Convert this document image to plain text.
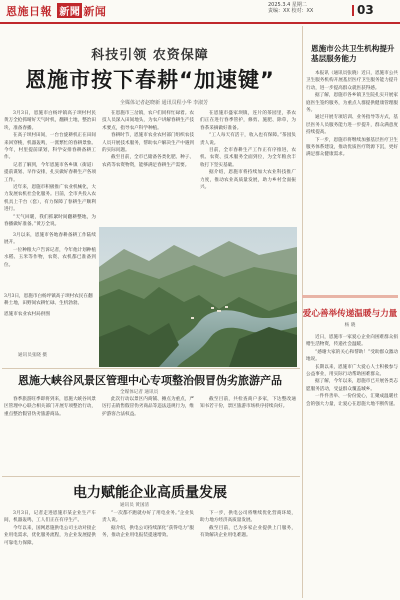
恩施日報 新聞 新闻	2025.3.4 星期二
责编：XX 校对：XX	03
科技引领 农资保障
恩施市按下春耕“加速键”
全媒体记者赵晓新 通讯员程小华 李淑芳

3月3日，恩施市白杨坪镇高子坝村村民黄万全抢抓晴好天气时机，翻耕土地，整治田块，准备春播。

在高子坝村田间，一台台旋耕机正在田间来回穿梭，机器轰鸣，一派繁忙的春耕景象。今年，村里提前谋划，科学安排春耕备耕工作。

记者了解到，今年恩施市各乡镇（街道）提前谋划、早作安排，扎实做好春耕生产各项工作。

近年来，恩施市积极推广农业机械化，大力发展农机社会化服务。目前，全市共投入农机具上千台（套），有力保障了春耕生产顺利进行。

“天气回暖，我们抓紧时间翻耕整地，为春播做好准备。”黄万全说。

在恩施市三岔镇，农户们同样忙碌着。农技人员深入田间地头，为农户讲解春耕生产技术要点，指导农户科学种植。

春耕时节，恩施市农业农村部门组织农技人员开展技术服务，帮助农户解决生产中遇到的实际问题。

截至目前，全市已储备各类化肥、种子、农药等农资物资，能够满足春耕生产需要。

在恩施市盛家坝镇，连片的茶园里，茶农们正在进行春季管护，修剪、施肥、除草，为春茶采摘做好准备。

“工人每天有活干，收入也有保障。”茶园负责人说。

目前，全市春耕生产工作正有序推进，农机、农资、技术服务全面到位，为全年粮食丰收打下坚实基础。

据介绍，恩施市将持续加大农业科技推广力度，推动农业高质量发展，助力乡村全面振兴。

3月以来，恩施市各地春耕备耕工作陆续展开。

一位种粮大户告诉记者，今年他计划种植水稻、玉米等作物，农资、农机都已准备到位。

3月3日，恩施市白杨坪镇高子坝村农民在翻耕土地，田野间农耕忙碌、生机勃勃。
恩施市农业农村局供图
通讯员张晓 摄

恩施大峡谷风景区管理中心专项整治假冒伪劣旅游产品
全媒体记者 通讯员

春季旅游旺季即将到来，恩施大峡谷风景区管理中心联合相关部门开展专项整治行动，重点整治假冒伪劣旅游商品。

此次行动以景区内商铺、摊点为重点，严厉打击销售假冒伪劣商品等违法违规行为，维护游客合法权益。

截至目前，共检查商户多家，下达整改通知书若干份，景区旅游市场秩序持续向好。

电力赋能企业高质量发展
通讯员 黄国清

3月3日，记者走进恩施市某企业生产车间，机器轰鸣，工人们正在有序生产。

今年以来，国网恩施供电公司主动对接企业用电需求，优化服务流程，为企业发展提供可靠电力保障。

“一次都不跑就办好了用电业务。”企业负责人说。

据介绍，供电公司持续深化“获得电力”服务，推动企业用电报装提速增效。

下一步，供电公司将继续优化营商环境，助力地方经济高质量发展。

截至目前，已为多家企业提供上门服务，有效解决企业用电难题。

恩施市公共卫生机构提升基层服务能力

本报讯（通讯员张晓）近日，恩施市公共卫生服务机构开展基层医疗卫生服务能力提升行动，进一步提高群众就医获得感。

据了解，恩施市各乡镇卫生院扎实开展家庭医生签约服务，为重点人群提供健康管理服务。

通过开展专项培训、业务指导等方式，基层医务人员服务能力进一步提升，群众满意度持续提高。

下一步，恩施市将继续加强基层医疗卫生服务体系建设，推动优质医疗资源下沉，更好满足群众健康需求。

爱心善举传递温暖与力量
杨 晓

近日，恩施市一家爱心企业向困难群众捐赠生活物资，传递社会温暖。

“感谢大家的关心和帮助！”受助群众激动地说。

长期以来，恩施市广大爱心人士积极参与公益事业，用实际行动帮助困难群众。

据了解，今年以来，恩施市已开展各类志愿服务活动，受益群众覆盖城乡。

一件件善举、一份份爱心，汇聚成温暖社会的强大力量，让爱心在恩施大地不断传递。
